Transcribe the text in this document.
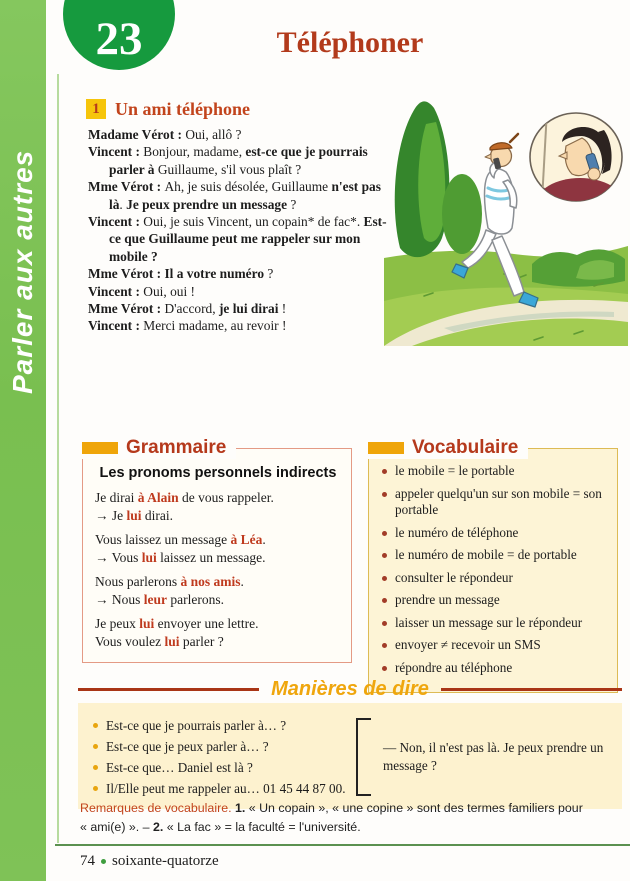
Parler aux autres
23	Téléphoner
1 Un ami téléphone

Madame Vérot : Oui, allô ?

Vincent : Bonjour, madame, est-ce que je pourrais parler à Guillaume, s'il vous plaît ?

Mme Vérot : Ah, je suis désolée, Guillaume n'est pas là. Je peux prendre un message ?

Vincent : Oui, je suis Vincent, un copain* de fac*. Est-ce que Guillaume peut me rappeler sur mon mobile ?

Mme Vérot : Il a votre numéro ?

Vincent : Oui, oui !

Mme Vérot : D'accord, je lui dirai !

Vincent : Merci madame, au revoir !

Grammaire

Les pronoms personnels indirects

Je dirai à Alain de vous rappeler.

→ Je lui dirai.

Vous laissez un message à Léa.

→ Vous lui laissez un message.

Nous parlerons à nos amis.

→ Nous leur parlerons.

Je peux lui envoyer une lettre.

Vous voulez lui parler ?

Vocabulaire
le mobile = le portable
appeler quelqu'un sur son mobile = son portable
le numéro de téléphone
le numéro de mobile = de portable
consulter le répondeur
prendre un message
laisser un message sur le répondeur
envoyer ≠ recevoir un SMS
répondre au téléphone
Manières de dire
Est-ce que je pourrais parler à… ?
Est-ce que je peux parler à… ?
Est-ce que… Daniel est là ?
Il/Elle peut me rappeler au… 01 45 44 87 00.

— Non, il n'est pas là. Je peux prendre un message ?

Remarques de vocabulaire. 1. « Un copain », « une copine » sont des termes familiers pour « ami(e) ». – 2. « La fac » = la faculté = l'université.

74 soixante-quatorze
